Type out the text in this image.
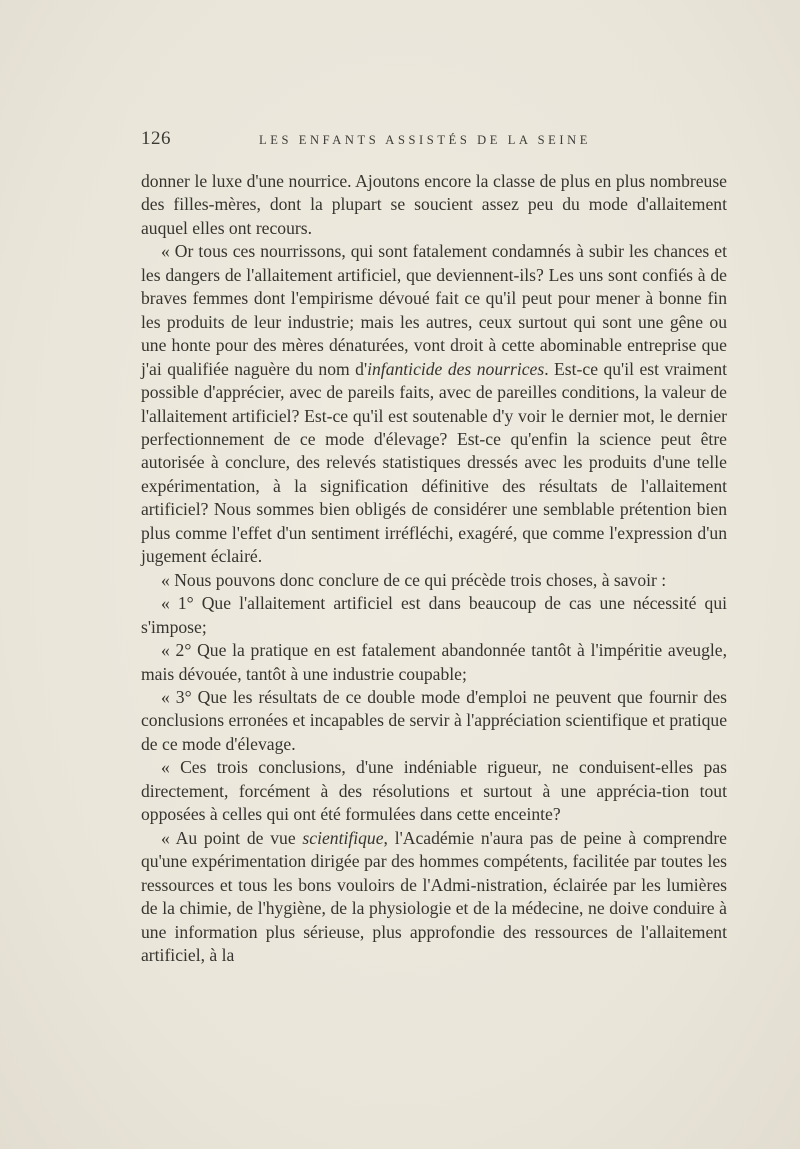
126	LES ENFANTS ASSISTÉS DE LA SEINE

donner le luxe d'une nourrice. Ajoutons encore la classe de plus en plus nombreuse des filles-mères, dont la plupart se soucient assez peu du mode d'allaitement auquel elles ont recours.

« Or tous ces nourrissons, qui sont fatalement condamnés à subir les chances et les dangers de l'allaitement artificiel, que deviennent-ils? Les uns sont confiés à de braves femmes dont l'empirisme dévoué fait ce qu'il peut pour mener à bonne fin les produits de leur industrie; mais les autres, ceux surtout qui sont une gêne ou une honte pour des mères dénaturées, vont droit à cette abominable entreprise que j'ai qualifiée naguère du nom d'infanticide des nourrices. Est-ce qu'il est vraiment possible d'apprécier, avec de pareils faits, avec de pareilles conditions, la valeur de l'allaitement artificiel? Est-ce qu'il est soutenable d'y voir le dernier mot, le dernier perfectionnement de ce mode d'élevage? Est-ce qu'enfin la science peut être autorisée à conclure, des relevés statistiques dressés avec les produits d'une telle expérimentation, à la signification définitive des résultats de l'allaitement artificiel? Nous sommes bien obligés de considérer une semblable prétention bien plus comme l'effet d'un sentiment irréfléchi, exagéré, que comme l'expression d'un jugement éclairé.

« Nous pouvons donc conclure de ce qui précède trois choses, à savoir :

« 1° Que l'allaitement artificiel est dans beaucoup de cas une nécessité qui s'impose;

« 2° Que la pratique en est fatalement abandonnée tantôt à l'impéritie aveugle, mais dévouée, tantôt à une industrie coupable;

« 3° Que les résultats de ce double mode d'emploi ne peuvent que fournir des conclusions erronées et incapables de servir à l'appréciation scientifique et pratique de ce mode d'élevage.

« Ces trois conclusions, d'une indéniable rigueur, ne conduisent-elles pas directement, forcément à des résolutions et surtout à une apprécia-tion tout opposées à celles qui ont été formulées dans cette enceinte?

« Au point de vue scientifique, l'Académie n'aura pas de peine à comprendre qu'une expérimentation dirigée par des hommes compétents, facilitée par toutes les ressources et tous les bons vouloirs de l'Admi-nistration, éclairée par les lumières de la chimie, de l'hygiène, de la physiologie et de la médecine, ne doive conduire à une information plus sérieuse, plus approfondie des ressources de l'allaitement artificiel, à la
